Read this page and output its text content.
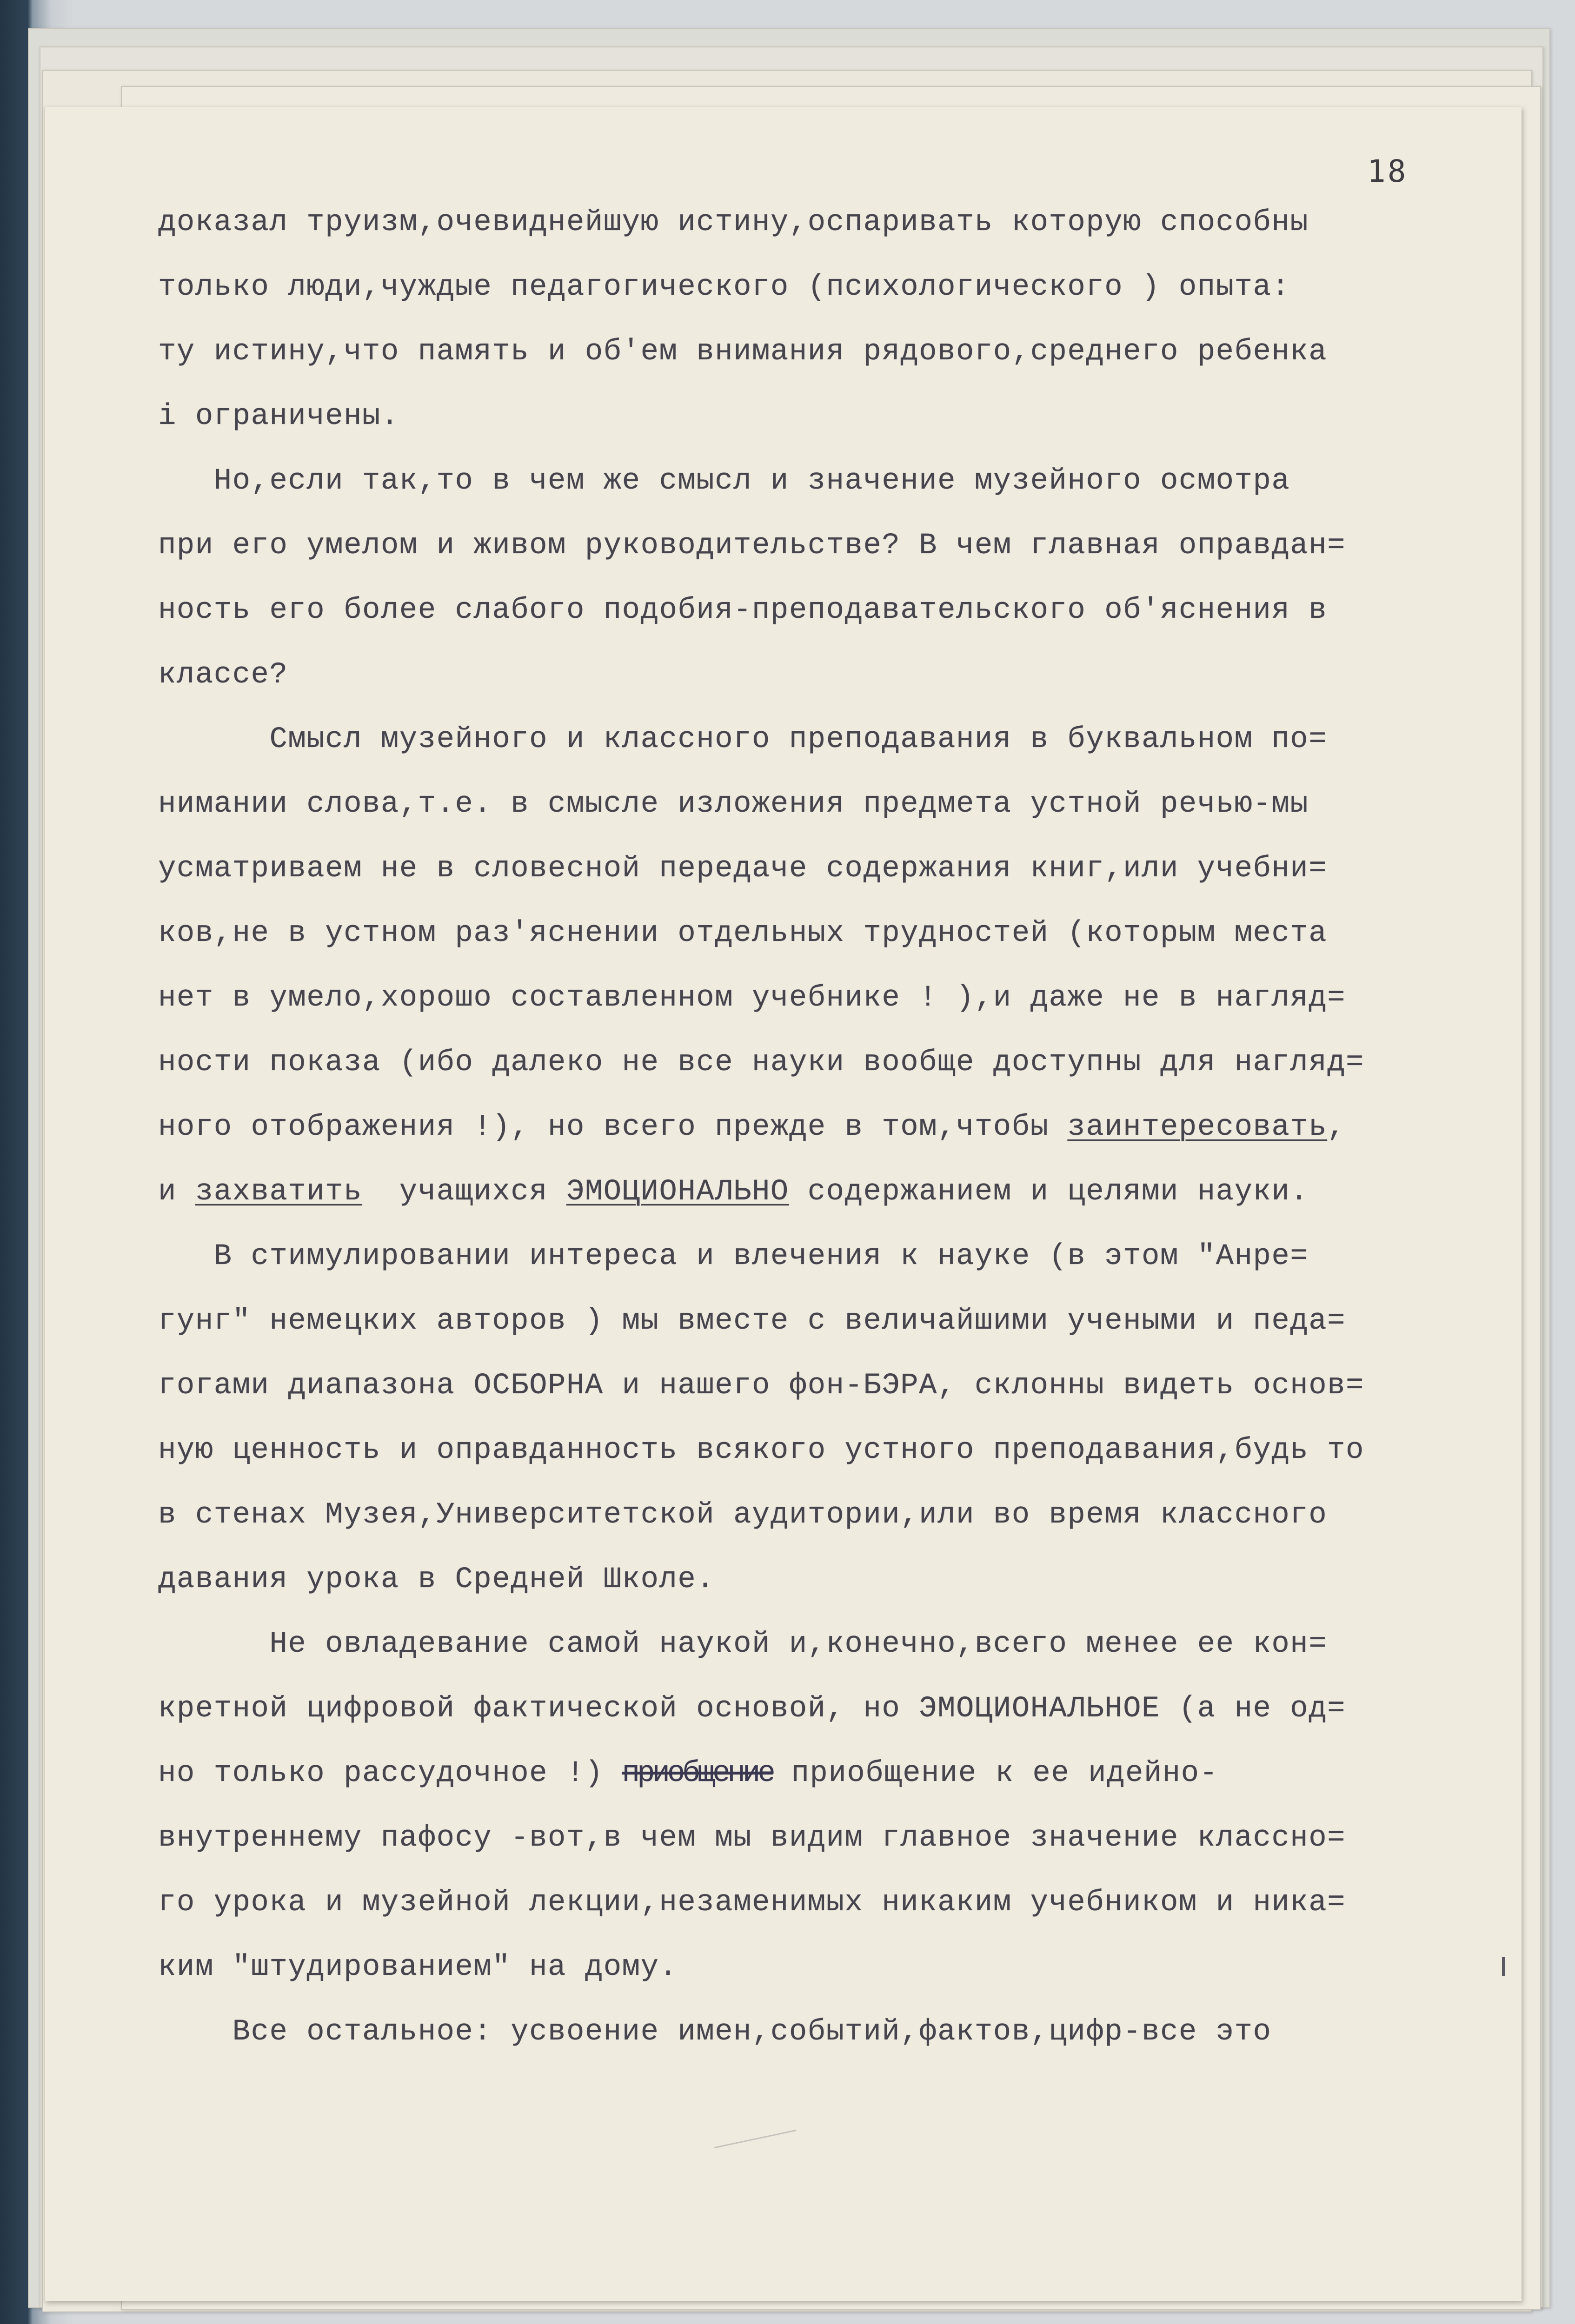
18

доказал труизм,очевиднейшую истину,оспаривать которую способны
только люди,чуждые педагогического (психологического ) опыта:
ту истину,что память и об'ем внимания рядового,среднего ребенка
i ограничены.
Но,если так,то в чем же смысл и значение музейного осмотра
при его умелом и живом руководительстве? В чем главная оправдан=
ность его более слабого подобия-преподавательского об'яснения в
классе?
Смысл музейного и классного преподавания в буквальном по=
нимании слова,т.е. в смысле изложения предмета устной речью-мы
усматриваем не в словесной передаче содержания книг,или учебни=
ков,не в устном раз'яснении отдельных трудностей (которым места
нет в умело,хорошо составленном учебнике ! ),и даже не в нагляд=
ности показа (ибо далеко не все науки вообще доступны для нагляд=
ного отображения !), но всего прежде в том,чтобы заинтересовать,
и захватить  учащихся ЭМОЦИОНАЛЬНО содержанием и целями науки.
В стимулировании интереса и влечения к науке (в этом "Анре=
гунг" немецких авторов ) мы вместе с величайшими учеными и педа=
гогами диапазона ОСБОРНА и нашего фон-БЭРА, склонны видеть основ=
ную ценность и оправданность всякого устного преподавания,будь то
в стенах Музея,Университетской аудитории,или во время классного
давания урока в Средней Школе.
Не овладевание самой наукой и,конечно,всего менее ее кон=
кретной цифровой фактической основой, но ЭМОЦИОНАЛЬНОЕ (а не од=
но только рассудочное !) приобщение приобщение к ее идейно-
внутреннему пафосу -вот,в чем мы видим главное значение классно=
го урока и музейной лекции,незаменимых никаким учебником и ника=
ким "штудированием" на дому.
Все остальное: усвоение имен,событий,фактов,цифр-все это
